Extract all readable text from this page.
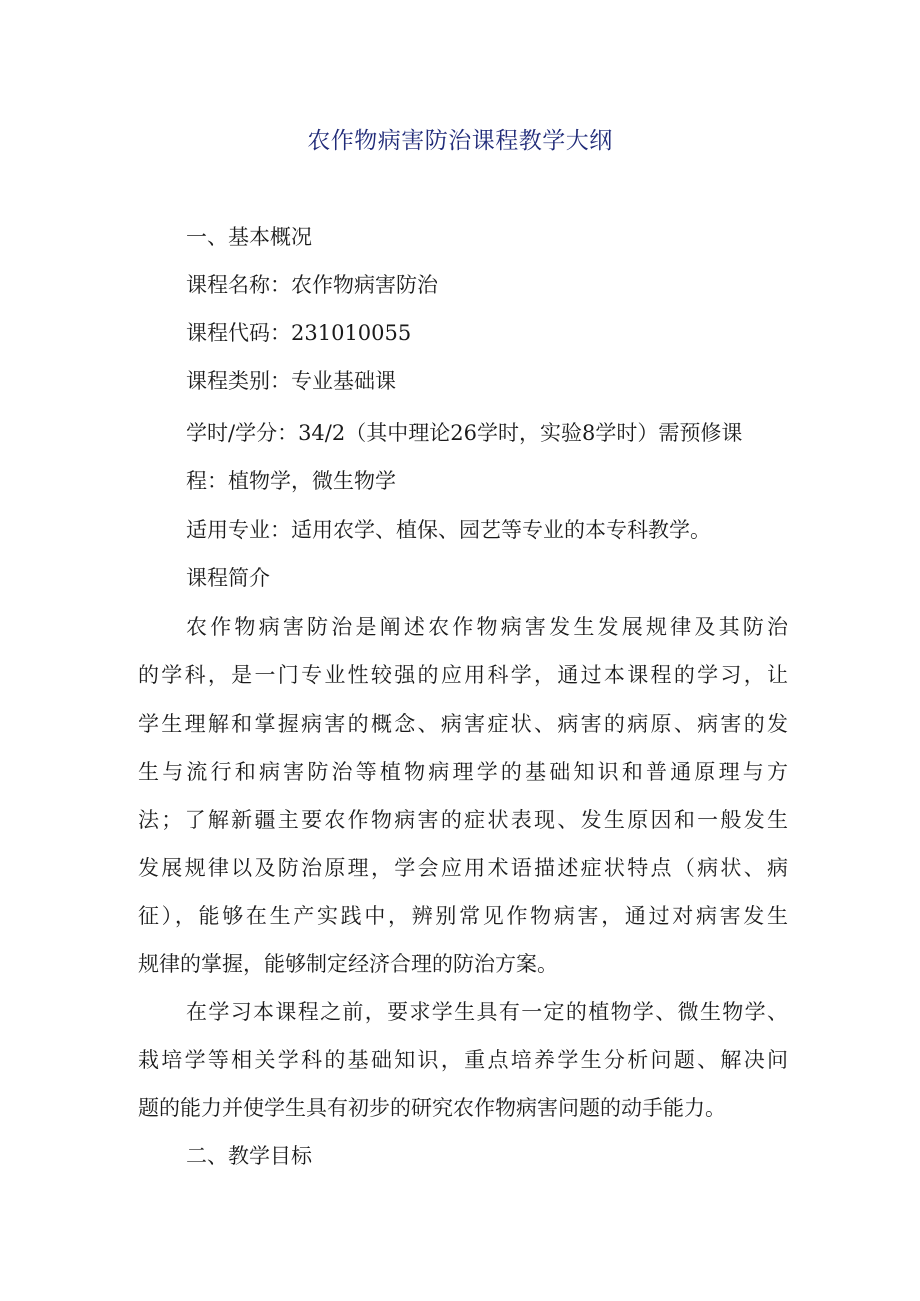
农作物病害防治课程教学大纲

一、基本概况

课程名称：农作物病害防治

课程代码：231010055

课程类别：专业基础课

学时/学分：34/2（其中理论26学时，实验8学时）需预修课

程：植物学，微生物学

适用专业：适用农学、植保、园艺等专业的本专科教学。

课程简介

农作物病害防治是阐述农作物病害发生发展规律及其防治

的学科，是一门专业性较强的应用科学，通过本课程的学习，让

学生理解和掌握病害的概念、病害症状、病害的病原、病害的发

生与流行和病害防治等植物病理学的基础知识和普通原理与方

法；了解新疆主要农作物病害的症状表现、发生原因和一般发生

发展规律以及防治原理，学会应用术语描述症状特点（病状、病

征），能够在生产实践中，辨别常见作物病害，通过对病害发生

规律的掌握，能够制定经济合理的防治方案。

在学习本课程之前，要求学生具有一定的植物学、微生物学、

栽培学等相关学科的基础知识，重点培养学生分析问题、解决问

题的能力并使学生具有初步的研究农作物病害问题的动手能力。

二、教学目标
